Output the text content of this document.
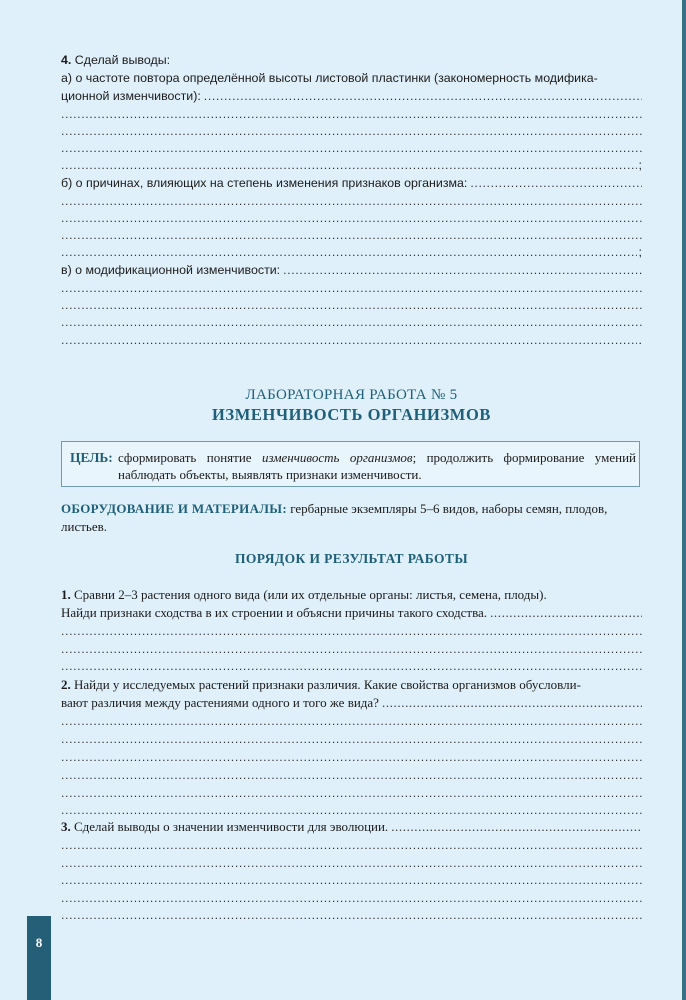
4. Сделай выводы:
а) о частоте повтора определённой высоты листовой пластинки (закономерность модифика-
ционной изменчивости):
.....
.....
.....
.....
.....
;
б) о причинах, влияющих на степень изменения признаков организма:
.....
.....
.....
.....
.....
;
в) о модификационной изменчивости:
.....
.....
.....
.....
.....
.
ЛАБОРАТОРНАЯ РАБОТА № 5
ИЗМЕНЧИВОСТЬ ОРГАНИЗМОВ
ЦЕЛЬ: сформировать понятие изменчивость организмов; продолжить формирование умений наблюдать объекты, выявлять признаки изменчивости.
ОБОРУДОВАНИЕ И МАТЕРИАЛЫ: гербарные экземпляры 5–6 видов, наборы семян, плодов, листьев.
ПОРЯДОК И РЕЗУЛЬТАТ РАБОТЫ
1. Сравни 2–3 растения одного вида (или их отдельные органы: листья, семена, плоды).
Найди признаки сходства в их строении и объясни причины такого сходства.
.....
.....
.....
.....
2. Найди у исследуемых растений признаки различия. Какие свойства организмов обусловли-
вают различия между растениями одного и того же вида?
.....
.....
.....
.....
.....
.....
.....
3. Сделай выводы о значении изменчивости для эволюции.
.....
.....
.....
.....
.....
.....
8
